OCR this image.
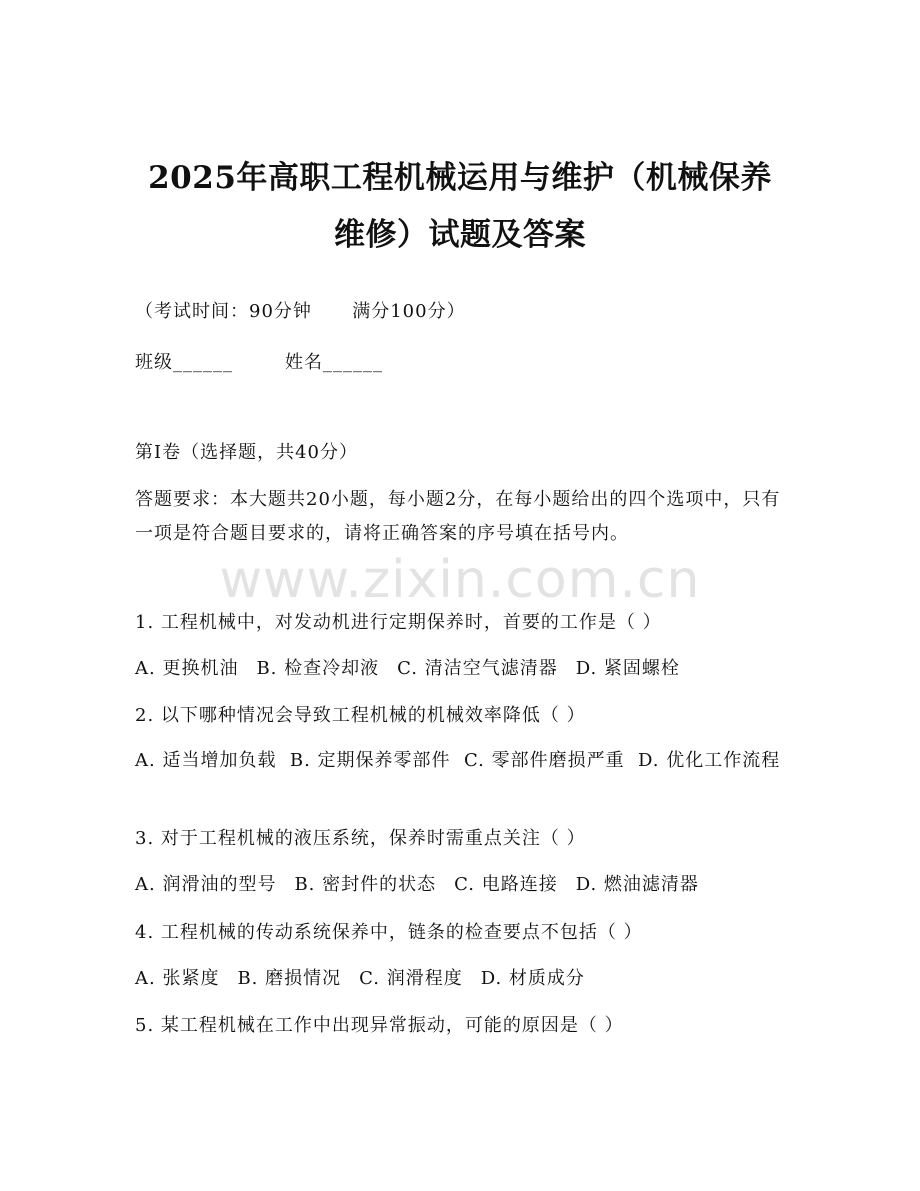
2025年高职工程机械运用与维护（机械保养
维修）试题及答案
（考试时间：90分钟      满分100分）
班级______	姓名______
第I卷（选择题，共40分）
答题要求：本大题共20小题，每小题2分，在每小题给出的四个选项中，只有一项是符合题目要求的，请将正确答案的序号填在括号内。
www.zixin.com.cn
1. 工程机械中，对发动机进行定期保养时，首要的工作是（ ）
A. 更换机油 B. 检查冷却液 C. 清洁空气滤清器 D. 紧固螺栓
2. 以下哪种情况会导致工程机械的机械效率降低（ ）
A. 适当增加负载  B. 定期保养零部件  C. 零部件磨损严重  D. 优化工作流程
3. 对于工程机械的液压系统，保养时需重点关注（ ）
A. 润滑油的型号 B. 密封件的状态 C. 电路连接 D. 燃油滤清器
4. 工程机械的传动系统保养中，链条的检查要点不包括（ ）
A. 张紧度 B. 磨损情况 C. 润滑程度 D. 材质成分
5. 某工程机械在工作中出现异常振动，可能的原因是（ ）
